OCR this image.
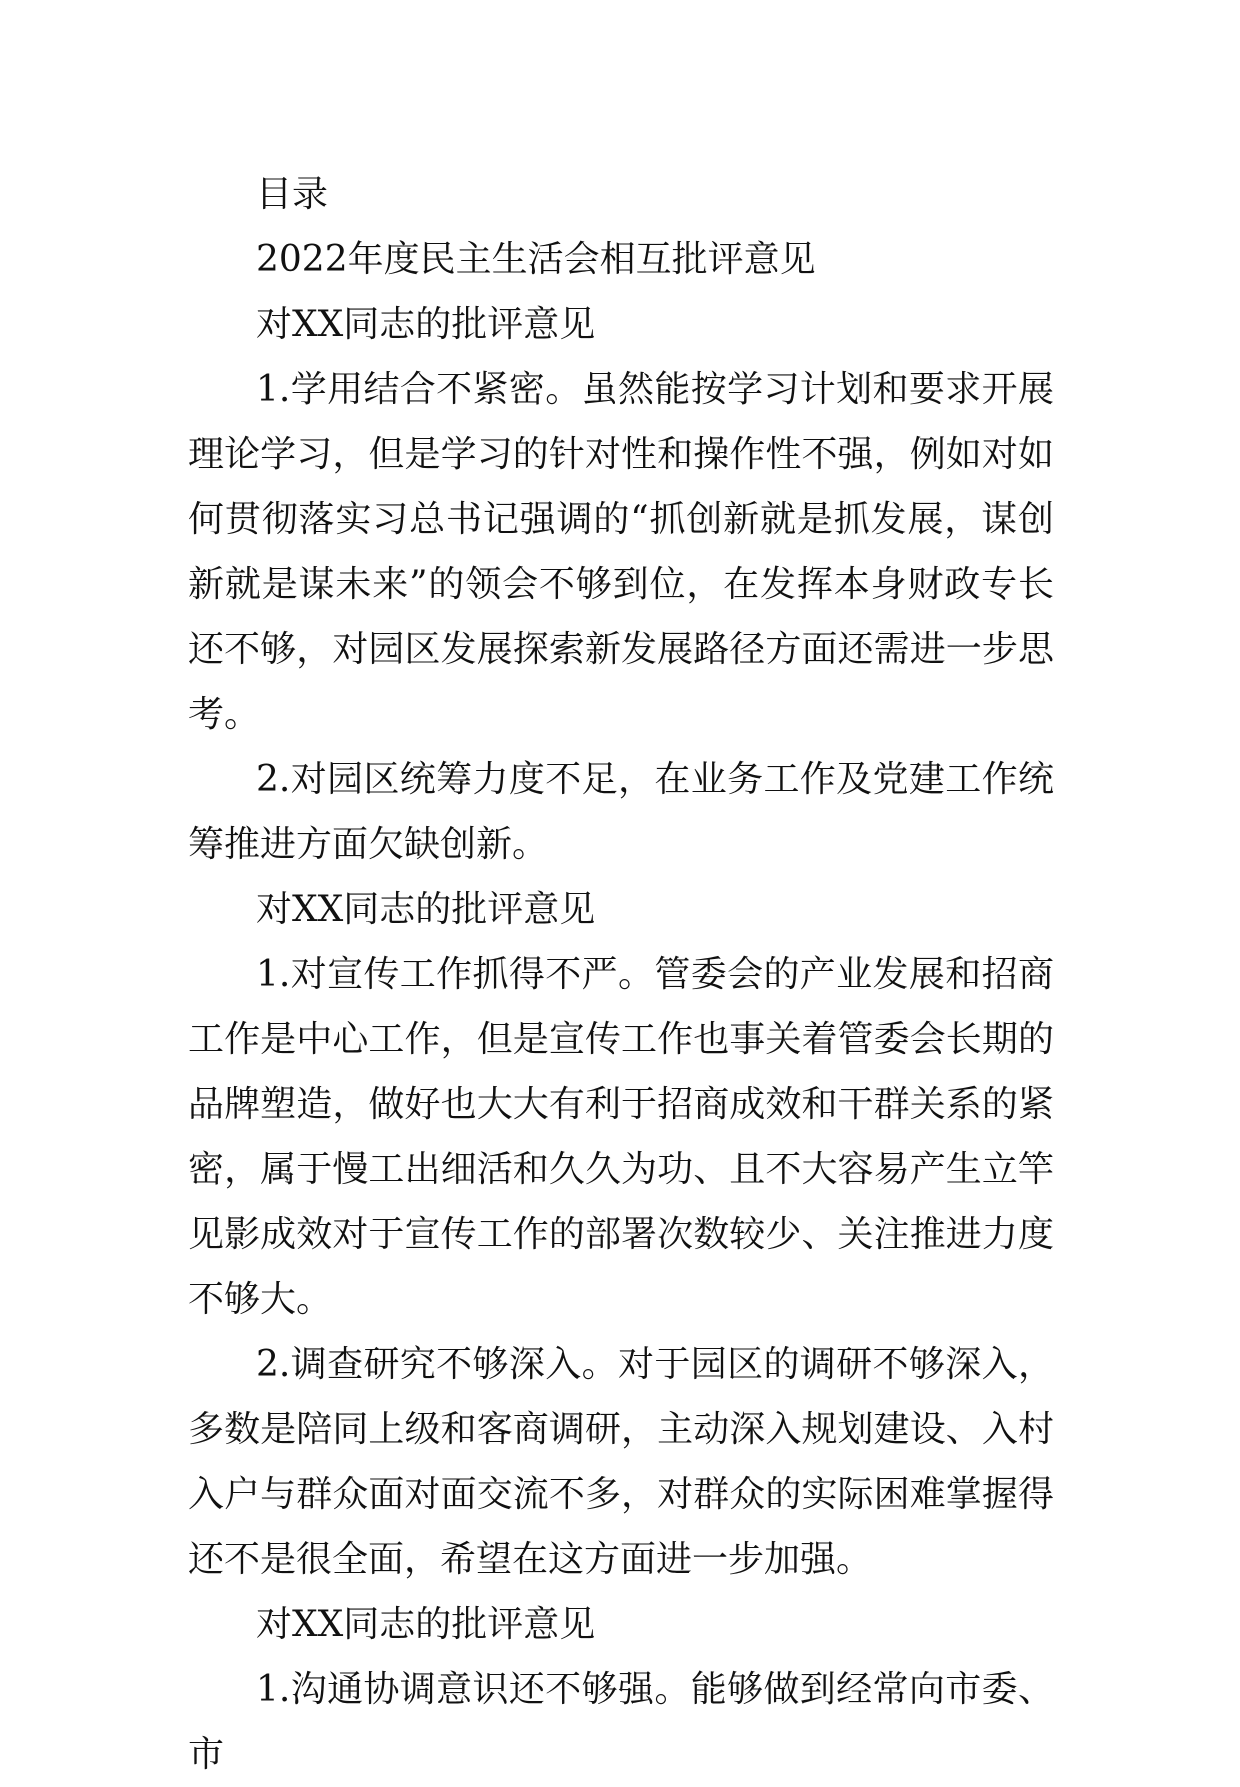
目录

2022年度民主生活会相互批评意见

对XX同志的批评意见

1.学用结合不紧密。虽然能按学习计划和要求开展理论学习，但是学习的针对性和操作性不强，例如对如何贯彻落实习总书记强调的“抓创新就是抓发展，谋创新就是谋未来”的领会不够到位，在发挥本身财政专长还不够，对园区发展探索新发展路径方面还需进一步思考。

2.对园区统筹力度不足，在业务工作及党建工作统筹推进方面欠缺创新。

对XX同志的批评意见

1.对宣传工作抓得不严。管委会的产业发展和招商工作是中心工作，但是宣传工作也事关着管委会长期的品牌塑造，做好也大大有利于招商成效和干群关系的紧密，属于慢工出细活和久久为功、且不大容易产生立竿见影成效对于宣传工作的部署次数较少、关注推进力度不够大。

2.调查研究不够深入。对于园区的调研不够深入，多数是陪同上级和客商调研，主动深入规划建设、入村入户与群众面对面交流不多，对群众的实际困难掌握得还不是很全面，希望在这方面进一步加强。

对XX同志的批评意见

1.沟通协调意识还不够强。能够做到经常向市委、市
